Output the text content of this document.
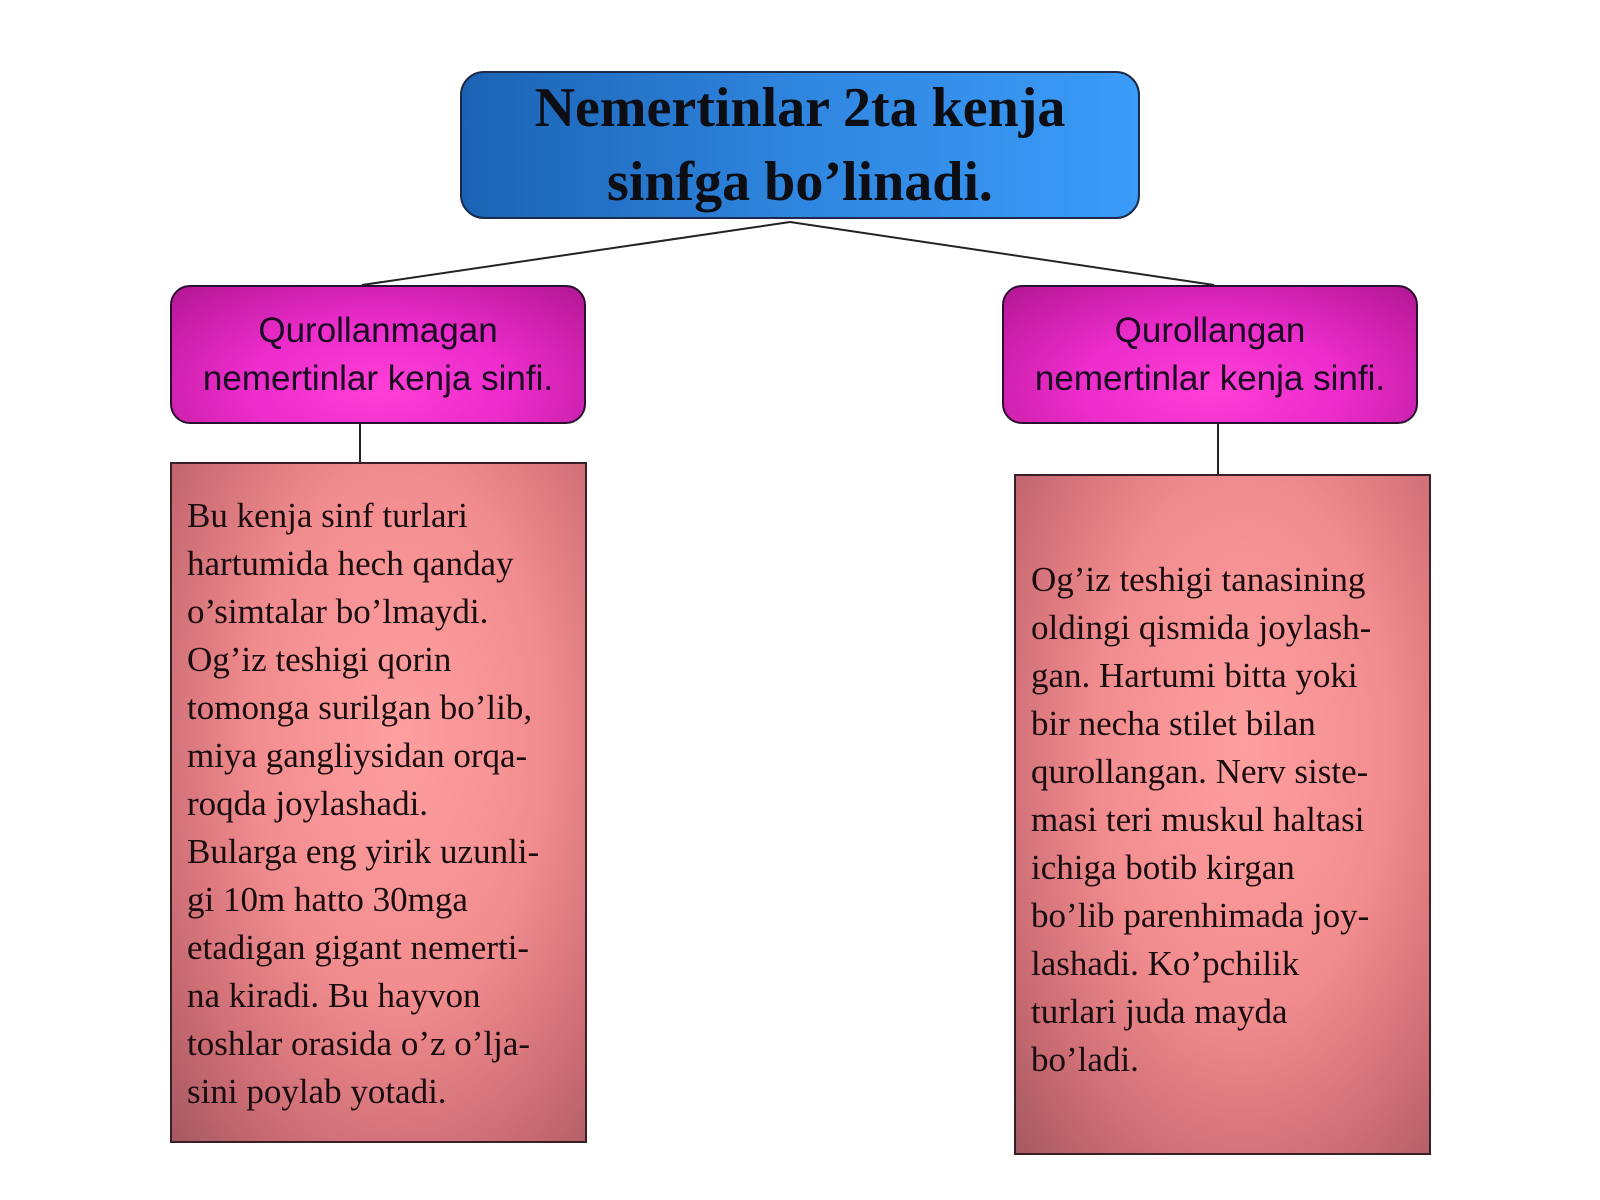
Nemertinlar 2ta kenja
sinfga bo’linadi.
Qurollanmagan
nemertinlar kenja sinfi.
Qurollangan
nemertinlar kenja sinfi.
Bu kenja sinf turlari
hartumida hech qanday
o’simtalar bo’lmaydi.
Og’iz teshigi qorin
tomonga surilgan bo’lib,
miya gangliysidan orqa-
roqda joylashadi.
Bularga eng yirik uzunli-
gi 10m hatto 30mga
etadigan gigant nemerti-
na kiradi. Bu hayvon
toshlar orasida o’z o’lja-
sini poylab yotadi.
Og’iz teshigi tanasining
oldingi qismida joylash-
gan. Hartumi bitta yoki
bir necha stilet bilan
qurollangan. Nerv siste-
masi teri muskul haltasi
ichiga botib kirgan
bo’lib parenhimada joy-
lashadi. Ko’pchilik
turlari juda mayda
bo’ladi.
